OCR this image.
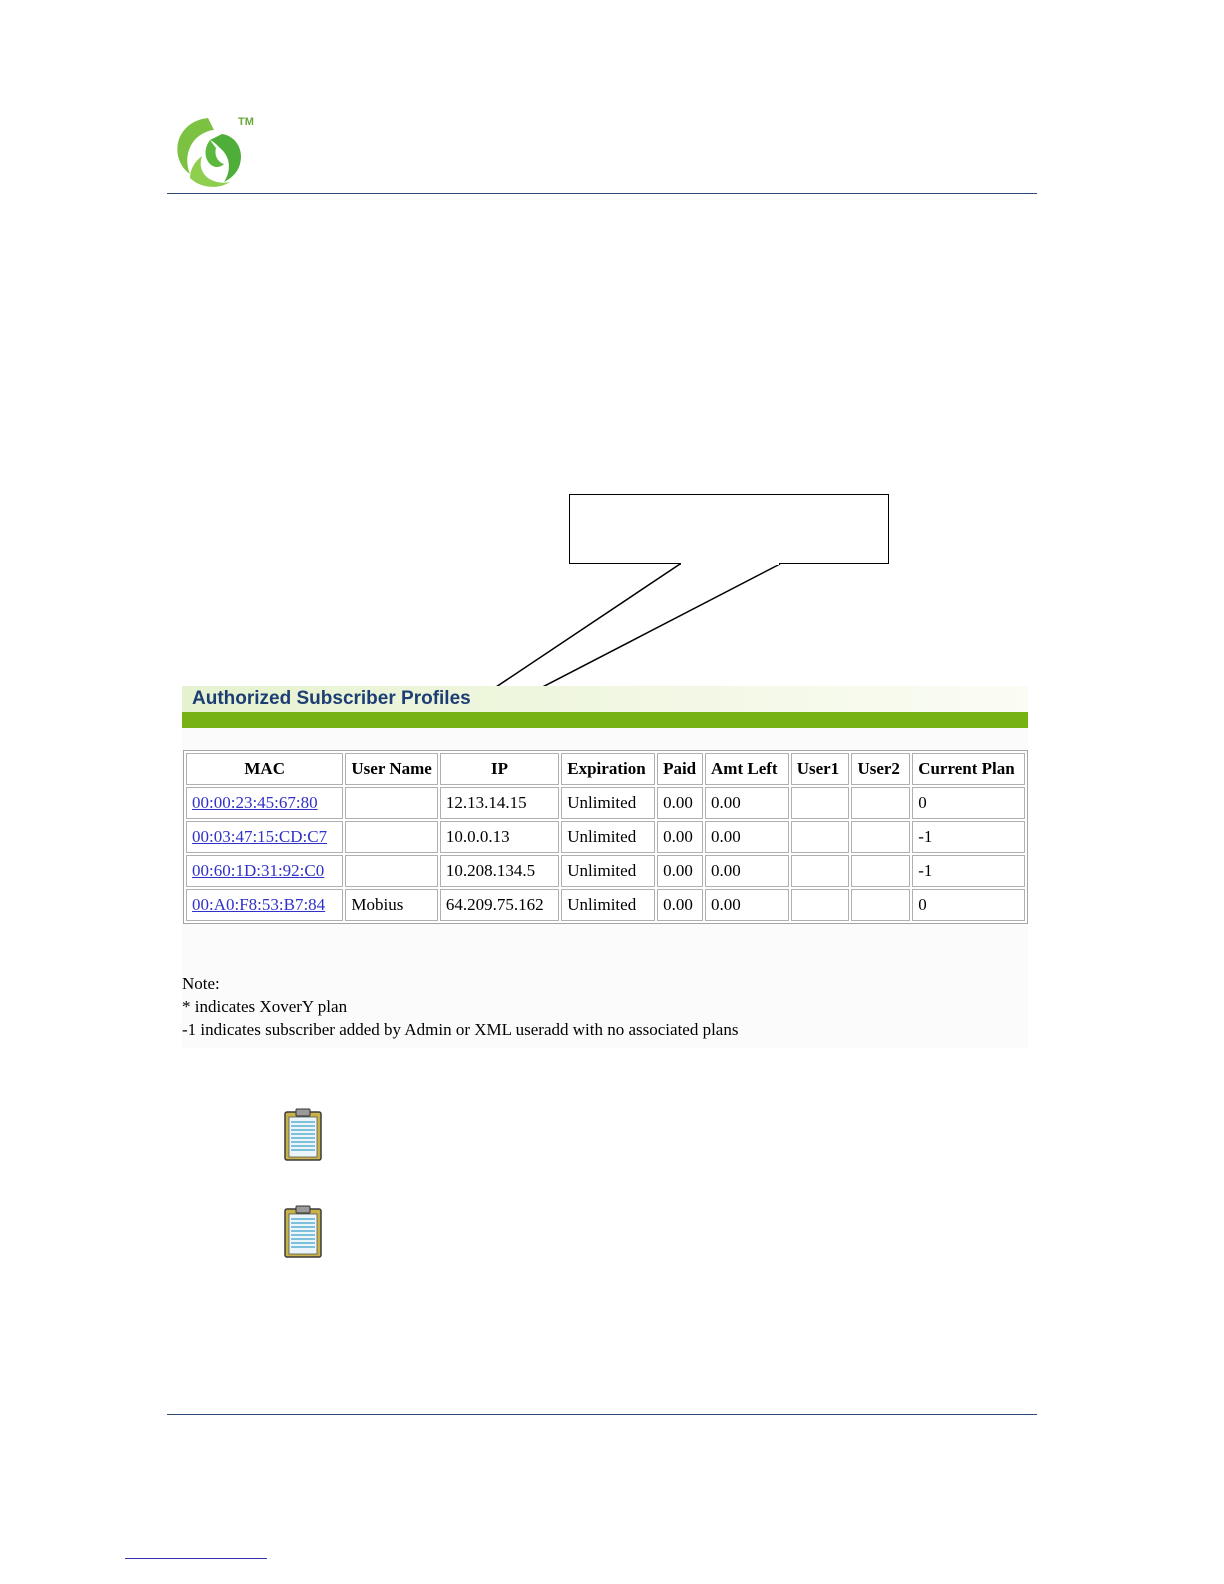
TM
Authorized Subscriber Profiles
MAC	User Name	IP	Expiration	Paid	Amt Left	User1	User2	Current Plan
00:00:23:45:67:80		12.13.14.15	Unlimited	0.00	0.00			0
00:03:47:15:CD:C7		10.0.0.13	Unlimited	0.00	0.00			-1
00:60:1D:31:92:C0		10.208.134.5	Unlimited	0.00	0.00			-1
00:A0:F8:53:B7:84	Mobius	64.209.75.162	Unlimited	0.00	0.00			0
Note:
* indicates XoverY plan
-1 indicates subscriber added by Admin or XML useradd with no associated plans
